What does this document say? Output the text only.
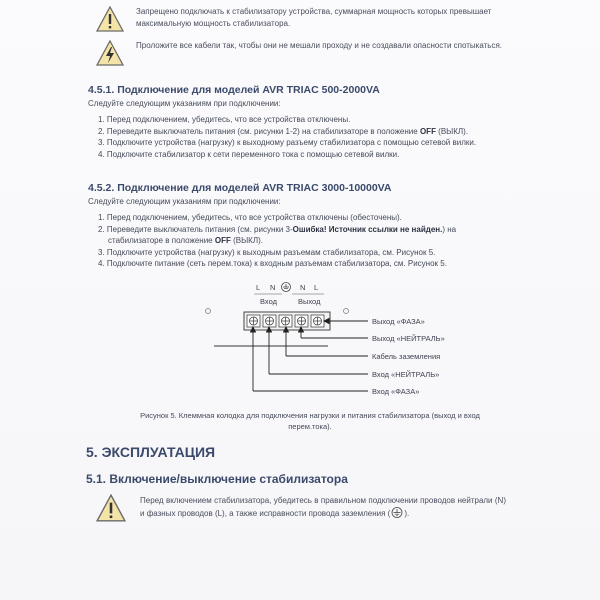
Запрещено подключать к стабилизатору устройства, суммарная мощность которых превышает максимальную мощность стабилизатора.
Проложите все кабели так, чтобы они не мешали проходу и не создавали опасности спотыкаться.
4.5.1. Подключение для моделей AVR TRIAC 500-2000VA
Следуйте следующим указаниям при подключении:
1. Перед подключением, убедитесь, что все устройства отключены.
2. Переведите выключатель питания (см. рисунки 1-2) на стабилизаторе в положение OFF (ВЫКЛ).
3. Подключите устройства (нагрузку) к выходному разъему стабилизатора с помощью сетевой вилки.
4. Подключите стабилизатор к сети переменного тока с помощью сетевой вилки.
4.5.2. Подключение для моделей AVR TRIAC 3000-10000VA
Следуйте следующим указаниям при подключении:
1. Перед подключением, убедитесь, что все устройства отключены (обесточены).
2. Переведите выключатель питания (см. рисунки 3-Ошибка! Источник ссылки не найден.) на стабилизаторе в положение OFF (ВЫКЛ).
3. Подключите устройства (нагрузку) к выходным разъемам стабилизатора, см. Рисунок 5.
4. Подключите питание (сеть перем.тока) к входным разъемам стабилизатора, см. Рисунок 5.
L N	N L
Вход	Выход
Выход «ФАЗА»
Выход «НЕЙТРАЛЬ»
Кабель заземления
Вход «НЕЙТРАЛЬ»
Вход «ФАЗА»
Рисунок 5. Клеммная колодка для подключения нагрузки и питания стабилизатора (выход и вход перем.тока).
5. ЭКСПЛУАТАЦИЯ
5.1. Включение/выключение стабилизатора
Перед включением стабилизатора, убедитесь в правильном подключении проводов нейтрали (N) и фазных проводов (L), а также исправности провода заземления ( ).
